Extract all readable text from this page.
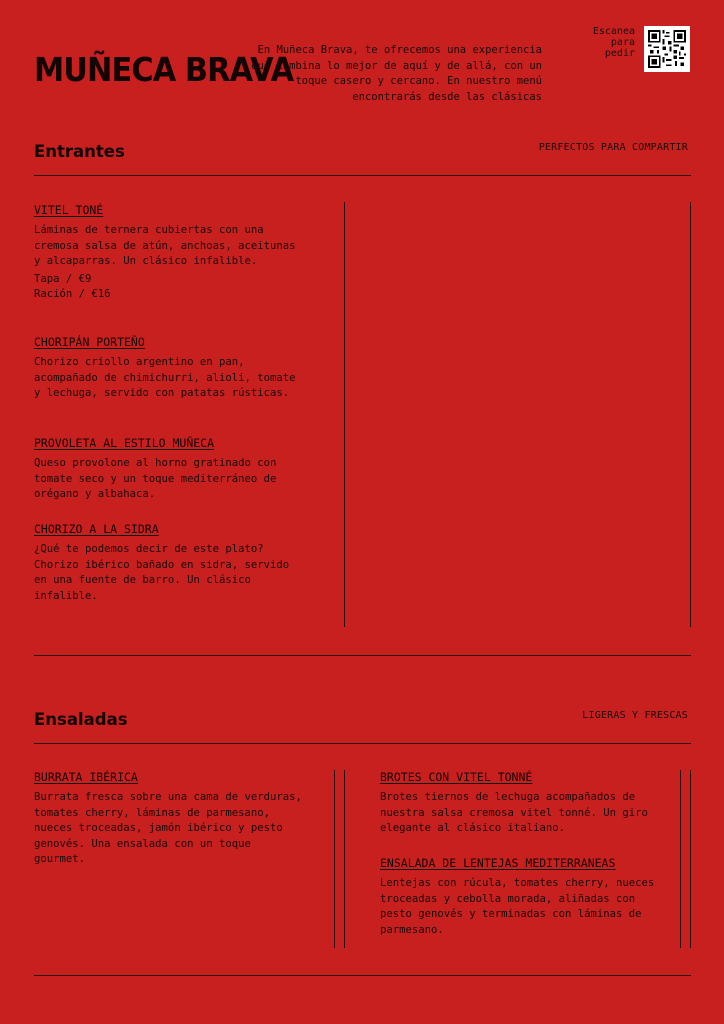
MUÑECA BRAVA
En Muñeca Brava, te ofrecemos una experiencia que combina lo mejor de aquí y de allá, con un toque casero y cercano. En nuestro menú encontrarás desde las clásicas
Escanea
para
pedir
Entrantes	PERFECTOS PARA COMPARTIR
VITEL TONÉ

Láminas de ternera cubiertas con una cremosa salsa de atún, anchoas, aceitunas y alcaparras. Un clásico infalible.

Tapa / €9
Ración / €16
CHORIPÁN PORTEÑO

Chorizo criollo argentino en pan, acompañado de chimichurri, alioli, tomate y lechuga, servido con patatas rústicas.

PROVOLETA AL ESTILO MUÑECA

Queso provolone al horno gratinado con tomate seco y un toque mediterráneo de orégano y albahaca.

CHORIZO A LA SIDRA

¿Qué te podemos decir de este plato? Chorizo ibérico bañado en sidra, servido en una fuente de barro. Un clásico infalible.

Ensaladas	LIGERAS Y FRESCAS
BURRATA IBÉRICA

Burrata fresca sobre una cama de verduras, tomates cherry, láminas de parmesano, nueces troceadas, jamón ibérico y pesto genovés. Una ensalada con un toque gourmet.

BROTES CON VITEL TONNÉ

Brotes tiernos de lechuga acompañados de nuestra salsa cremosa vitel tonné. Un giro elegante al clásico italiano.

ENSALADA DE LENTEJAS MEDITERRANEAS

Lentejas con rúcula, tomates cherry, nueces troceadas y cebolla morada, aliñadas con pesto genovés y terminadas con láminas de parmesano.
